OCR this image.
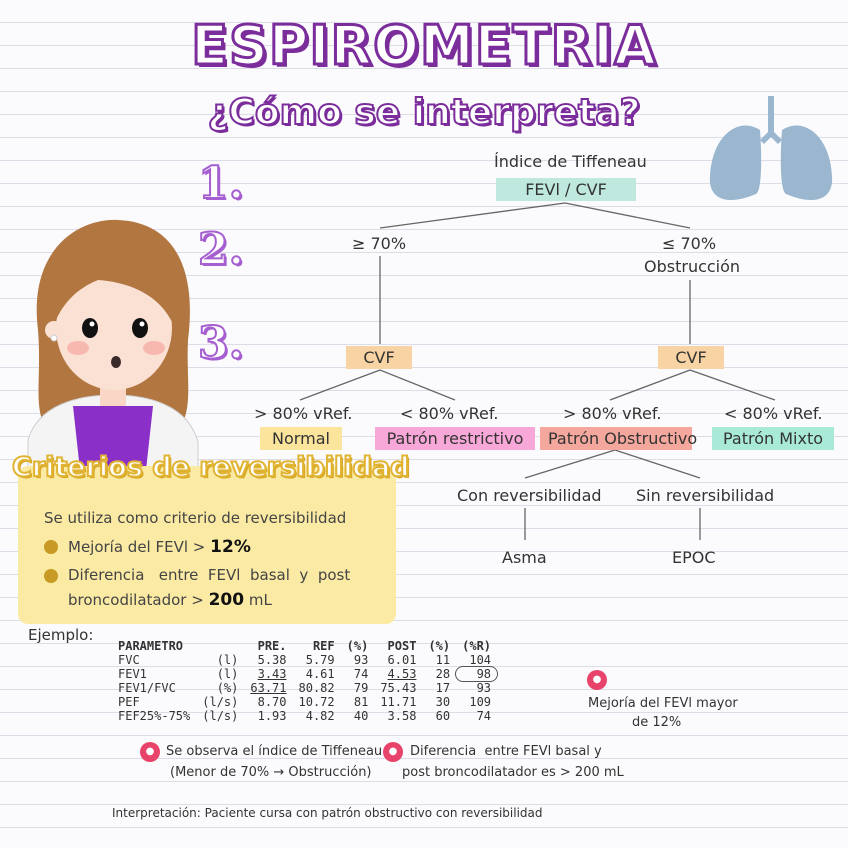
ESPIROMETRIA
¿Cómo se interpreta?
1.
2.
3.
Índice de Tiffeneau
FEVl / CVF
≥ 70%	≤ 70%
Obstrucción
CVF	CVF
> 80% vRef.	< 80% vRef.	> 80% vRef.	< 80% vRef.
Normal	Patrón restrictivo	Patrón Obstructivo	Patrón Mixto
Con reversibilidad Sin reversibilidad
Asma	EPOC
Criterios de reversibilidad
Se utiliza como criterio de reversibilidad
Mejoría del FEVl > 12%
Diferencia   entre  FEVl  basal  y  post
broncodilatador > 200 mL
Ejemplo:
PARAMETRO		PRE.	REF	(%)	POST	(%)	(%R)
FVC	(l)	5.38	5.79	93	6.01	11	104
FEV1	(l)	3.43	4.61	74	4.53	28	98
FEV1/FVC	(%)	63.71	80.82	79	75.43	17	93
PEF	(l/s)	8.70	10.72	81	11.71	30	109
FEF25%-75%	(l/s)	1.93	4.82	40	3.58	60	74
●
Mejoría del FEVl mayor
de 12%
● Se observa el índice de Tiffeneau
(Menor de 70% → Obstrucción)
● Diferencia  entre FEVl basal y
post broncodilatador es > 200 mL
Interpretación: Paciente cursa con patrón obstructivo con reversibilidad
